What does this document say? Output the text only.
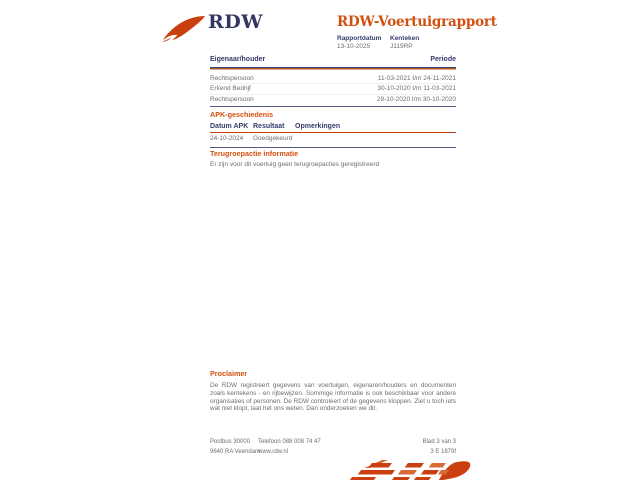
RDW	RDW-Voertuigrapport
Rapportdatum Kenteken
13-10-2025	J119RP
Eigenaar/houder	Periode
Rechtspersoon	11-03-2021 t/m 24-11-2021
Erkend Bedrijf	30-10-2020 t/m 11-03-2021
Rechtspersoon	28-10-2020 t/m 30-10-2020
APK-geschiedenis
Datum APK Resultaat Opmerkingen
24-10-2024 Goedgekeurd
Terugroepactie informatie
Er zijn voor dit voertuig geen terugroepacties geregistreerd
Proclaimer

De RDW registreert gegevens van voertuigen, eigenaren/houders en documenten zoals kentekens - en rijbewijzen. Sommige informatie is ook beschikbaar voor andere organisaties of personen. De RDW controleert of de gegevens kloppen. Ziet u toch iets wat niet klopt, laat het ons weten. Dan onderzoeken we dit.

Postbus 30000 Telefoon 088 008 74 47	Blad 3 van 3
9640 RA Veendam
www.rdw.nl	3 E 1879f
